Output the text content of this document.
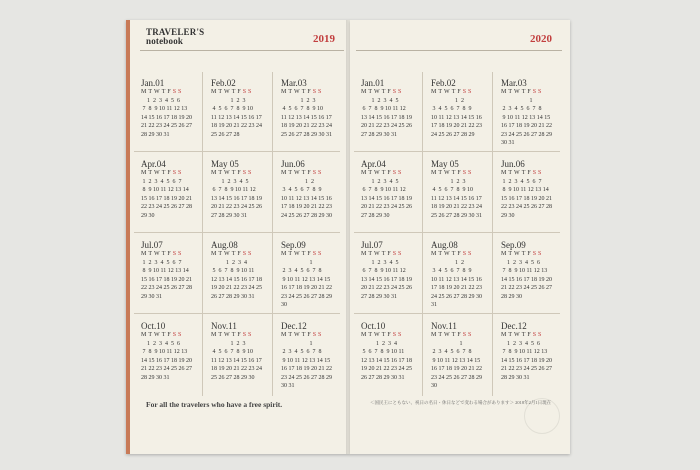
TRAVELER'S
notebook	2019
Jan.01
MTWTFSS
1  2  3  4  5  6
7  8  9 10 11 12 13
14 15 16 17 18 19 20
21 22 23 24 25 26 27
28 29 30 31
Feb.02
MTWTFSS
1  2  3
4  5  6  7  8  9 10
11 12 13 14 15 16 17
18 19 20 21 22 23 24
25 26 27 28
Mar.03
MTWTFSS
1  2  3
4  5  6  7  8  9 10
11 12 13 14 15 16 17
18 19 20 21 22 23 24
25 26 27 28 29 30 31
Apr.04
MTWTFSS
1  2  3  4  5  6  7
8  9 10 11 12 13 14
15 16 17 18 19 20 21
22 23 24 25 26 27 28
29 30
May 05
MTWTFSS
1  2  3  4  5
6  7  8  9 10 11 12
13 14 15 16 17 18 19
20 21 22 23 24 25 26
27 28 29 30 31
Jun.06
MTWTFSS
1  2
3  4  5  6  7  8  9
10 11 12 13 14 15 16
17 18 19 20 21 22 23
24 25 26 27 28 29 30
Jul.07
MTWTFSS
1  2  3  4  5  6  7
8  9 10 11 12 13 14
15 16 17 18 19 20 21
22 23 24 25 26 27 28
29 30 31
Aug.08
MTWTFSS
1  2  3  4
5  6  7  8  9 10 11
12 13 14 15 16 17 18
19 20 21 22 23 24 25
26 27 28 29 30 31
Sep.09
MTWTFSS
1
2  3  4  5  6  7  8
9 10 11 12 13 14 15
16 17 18 19 20 21 22
23 24 25 26 27 28 29
30
Oct.10
MTWTFSS
1  2  3  4  5  6
7  8  9 10 11 12 13
14 15 16 17 18 19 20
21 22 23 24 25 26 27
28 29 30 31
Nov.11
MTWTFSS
1  2  3
4  5  6  7  8  9 10
11 12 13 14 15 16 17
18 19 20 21 22 23 24
25 26 27 28 29 30
Dec.12
MTWTFSS
1
2  3  4  5  6  7  8
9 10 11 12 13 14 15
16 17 18 19 20 21 22
23 24 25 26 27 28 29
30 31
For all the travelers who have a free spirit.
2020
Jan.01
MTWTFSS
1  2  3  4  5
6  7  8  9 10 11 12
13 14 15 16 17 18 19
20 21 22 23 24 25 26
27 28 29 30 31
Feb.02
MTWTFSS
1  2
3  4  5  6  7  8  9
10 11 12 13 14 15 16
17 18 19 20 21 22 23
24 25 26 27 28 29
Mar.03
MTWTFSS
1
2  3  4  5  6  7  8
9 10 11 12 13 14 15
16 17 18 19 20 21 22
23 24 25 26 27 28 29
30 31
Apr.04
MTWTFSS
1  2  3  4  5
6  7  8  9 10 11 12
13 14 15 16 17 18 19
20 21 22 23 24 25 26
27 28 29 30
May 05
MTWTFSS
1  2  3
4  5  6  7  8  9 10
11 12 13 14 15 16 17
18 19 20 21 22 23 24
25 26 27 28 29 30 31
Jun.06
MTWTFSS
1  2  3  4  5  6  7
8  9 10 11 12 13 14
15 16 17 18 19 20 21
22 23 24 25 26 27 28
29 30
Jul.07
MTWTFSS
1  2  3  4  5
6  7  8  9 10 11 12
13 14 15 16 17 18 19
20 21 22 23 24 25 26
27 28 29 30 31
Aug.08
MTWTFSS
1  2
3  4  5  6  7  8  9
10 11 12 13 14 15 16
17 18 19 20 21 22 23
24 25 26 27 28 29 30
31
Sep.09
MTWTFSS
1  2  3  4  5  6
7  8  9 10 11 12 13
14 15 16 17 18 19 20
21 22 23 24 25 26 27
28 29 30
Oct.10
MTWTFSS
1  2  3  4
5  6  7  8  9 10 11
12 13 14 15 16 17 18
19 20 21 22 23 24 25
26 27 28 29 30 31
Nov.11
MTWTFSS
1
2  3  4  5  6  7  8
9 10 11 12 13 14 15
16 17 18 19 20 21 22
23 24 25 26 27 28 29
30
Dec.12
MTWTFSS
1  2  3  4  5  6
7  8  9 10 11 12 13
14 15 16 17 18 19 20
21 22 23 24 25 26 27
28 29 30 31
＜国民王にともない、祝日の名日・休日などで変わる場合があります＞ 2018年2月1日現在
